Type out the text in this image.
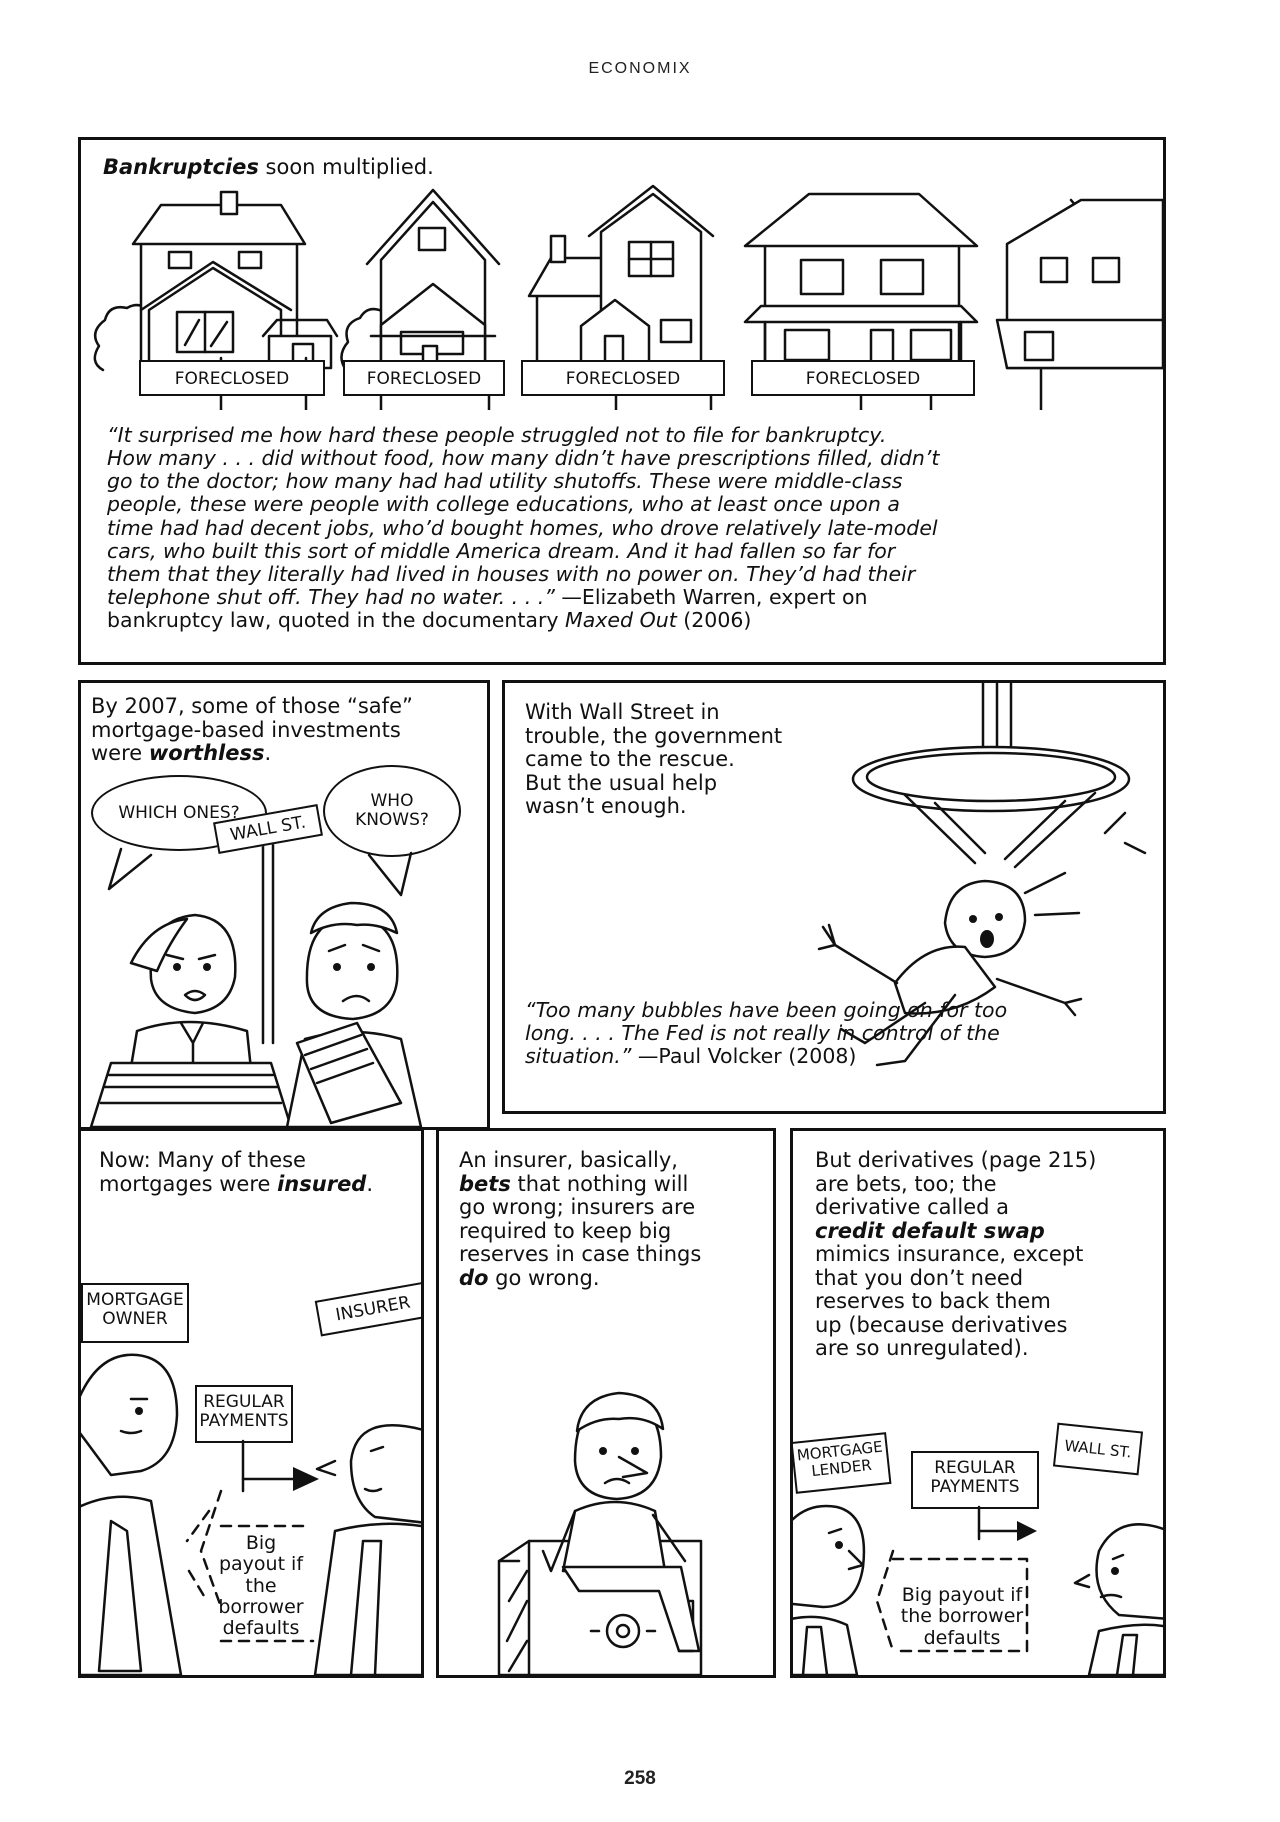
ECONOMIX
Bankruptcies soon multiplied.
FORECLOSED	FORECLOSED	FORECLOSED	FORECLOSED
“It surprised me how hard these people struggled not to file for bankruptcy.
How many . . . did without food, how many didn’t have prescriptions filled, didn’t
go to the doctor; how many had had utility shutoffs. These were middle-class
people, these were people with college educations, who at least once upon a
time had had decent jobs, who’d bought homes, who drove relatively late-model
cars, who built this sort of middle America dream. And it had fallen so far for
them that they literally had lived in houses with no power on. They’d had their
telephone shut off. They had no water. . . .” —Elizabeth Warren, expert on
bankruptcy law, quoted in the documentary Maxed Out (2006)
By 2007, some of those “safe”
mortgage-based investments
were worthless.
WHICH ONES?
WHO KNOWS?
WALL ST.
With Wall Street in
trouble, the government
came to the rescue.
But the usual help
wasn’t enough.
“Too many bubbles have been going on for too
long. . . . The Fed is not really in control of the
situation.” —Paul Volcker (2008)
Now: Many of these
mortgages were insured.
MORTGAGE OWNER	INSURER
REGULAR PAYMENTS
Big payout if the borrower defaults
An insurer, basically,
bets that nothing will
go wrong; insurers are
required to keep big
reserves in case things
do go wrong.
But derivatives (page 215)
are bets, too; the
derivative called a
credit default swap
mimics insurance, except
that you don’t need
reserves to back them
up (because derivatives
are so unregulated).
MORTGAGE LENDER
WALL ST.
REGULAR PAYMENTS
Big payout if the borrower defaults
258
